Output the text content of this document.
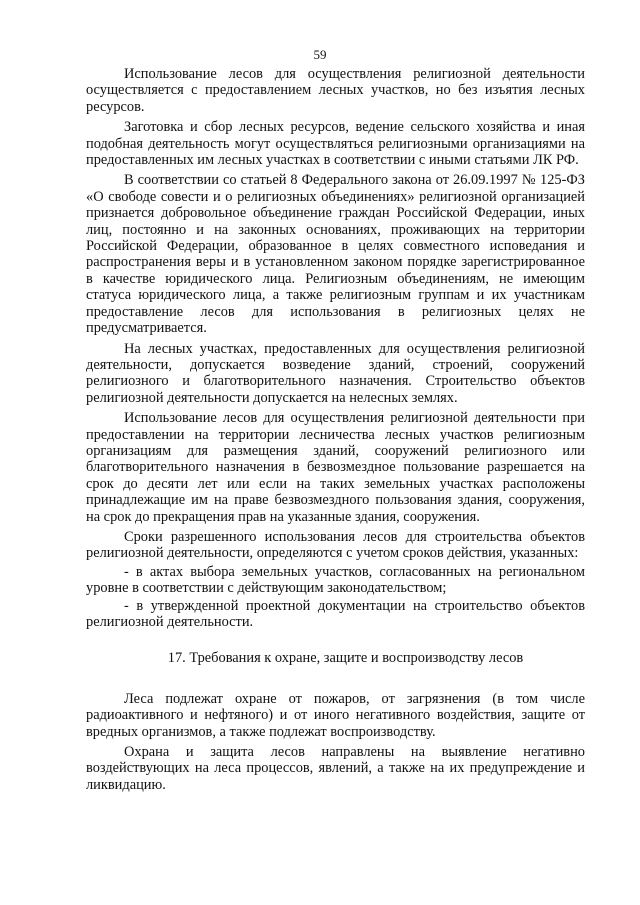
59

Использование лесов для осуществления религиозной деятельности осуществляется с предоставлением лесных участков, но без изъятия лесных ресурсов.

Заготовка и сбор лесных ресурсов, ведение сельского хозяйства и иная подобная деятельность могут осуществляться религиозными организациями на предоставленных им лесных участках в соответствии с иными статьями ЛК РФ.

В соответствии со статьей 8 Федерального закона от 26.09.1997 № 125-ФЗ «О свободе совести и о религиозных объединениях» религиозной организацией признается добровольное объединение граждан Российской Федерации, иных лиц, постоянно и на законных основаниях, проживающих на территории Российской Федерации, образованное в целях совместного исповедания и распространения веры и в установленном законом порядке зарегистрированное в качестве юридического лица. Религиозным объединениям, не имеющим статуса юридического лица, а также религиозным группам и их участникам предоставление лесов для использования в религиозных целях не предусматривается.

На лесных участках, предоставленных для осуществления религиозной деятельности, допускается возведение зданий, строений, сооружений религиозного и благотворительного назначения. Строительство объектов религиозной деятельности допускается на нелесных землях.

Использование лесов для осуществления религиозной деятельности при предоставлении на территории лесничества лесных участков религиозным организациям для размещения зданий, сооружений религиозного или благотворительного назначения в безвозмездное пользование разрешается на срок до десяти лет или если на таких земельных участках расположены принадлежащие им на праве безвозмездного пользования здания, сооружения, на срок до прекращения прав на указанные здания, сооружения.

Сроки разрешенного использования лесов для строительства объектов религиозной деятельности, определяются с учетом сроков действия, указанных:

- в актах выбора земельных участков, согласованных на региональном уровне в соответствии с действующим законодательством;

- в утвержденной проектной документации на строительство объектов религиозной деятельности.

17. Требования к охране, защите и воспроизводству лесов

Леса подлежат охране от пожаров, от загрязнения (в том числе радиоактивного и нефтяного) и от иного негативного воздействия, защите от вредных организмов, а также подлежат воспроизводству.

Охрана и защита лесов направлены на выявление негативно воздействующих на леса процессов, явлений, а также на их предупреждение и ликвидацию.
